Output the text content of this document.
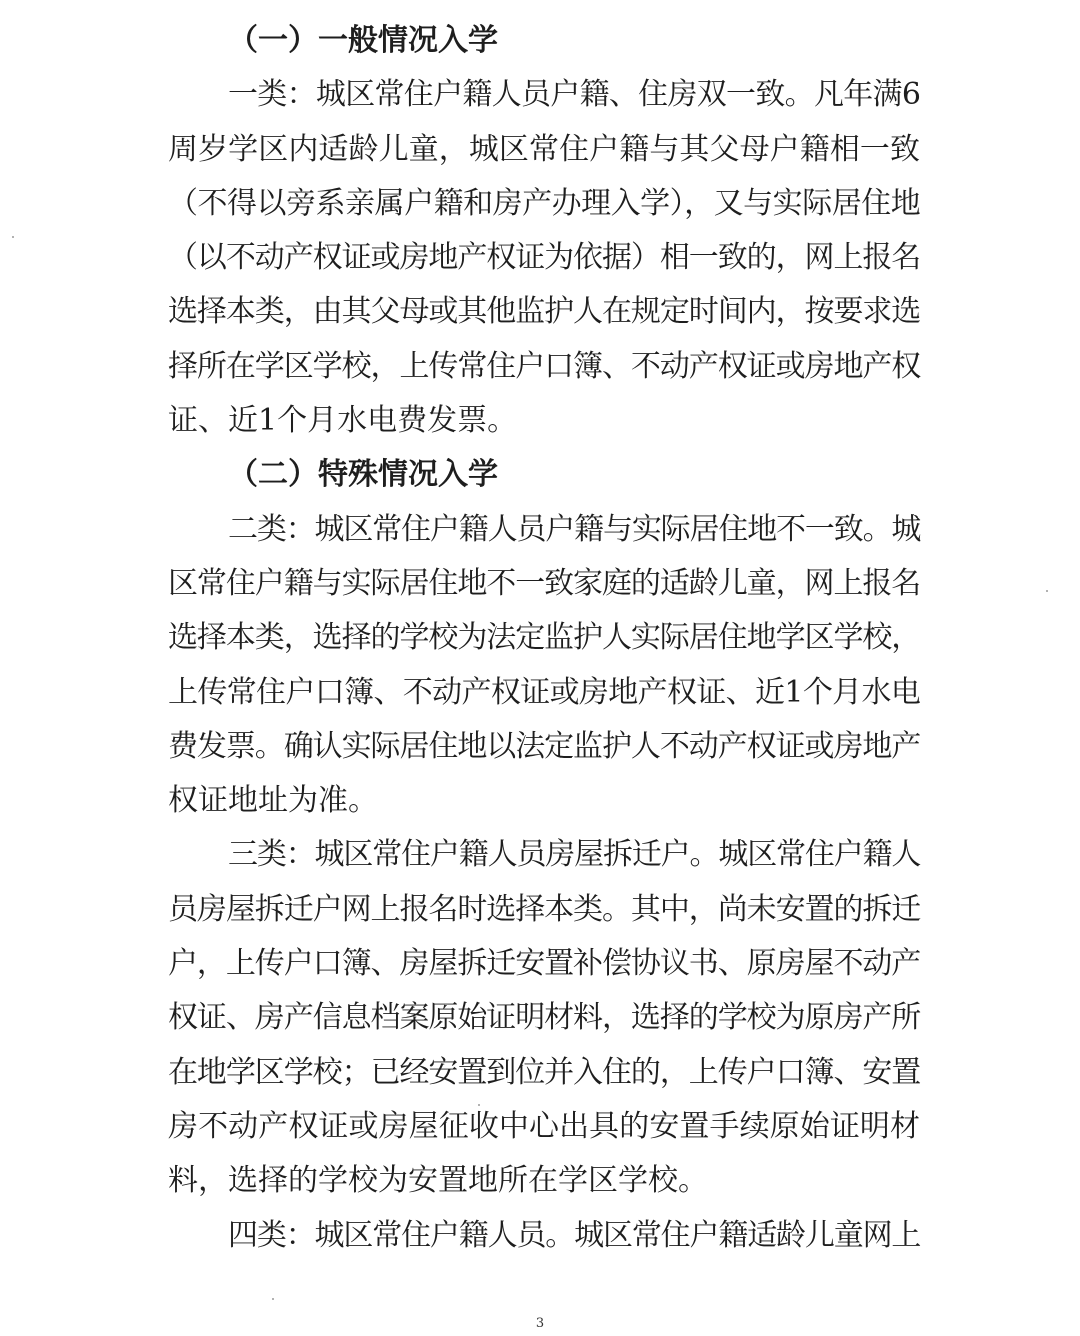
（一）一般情况入学
一类：城区常住户籍人员户籍、住房双一致。凡年满6
周岁学区内适龄儿童，城区常住户籍与其父母户籍相一致
（不得以旁系亲属户籍和房产办理入学），又与实际居住地
（以不动产权证或房地产权证为依据）相一致的，网上报名
选择本类，由其父母或其他监护人在规定时间内，按要求选
择所在学区学校，上传常住户口簿、不动产权证或房地产权
证、近1个月水电费发票。
（二）特殊情况入学
二类：城区常住户籍人员户籍与实际居住地不一致。城
区常住户籍与实际居住地不一致家庭的适龄儿童，网上报名
选择本类，选择的学校为法定监护人实际居住地学区学校，
上传常住户口簿、不动产权证或房地产权证、近1个月水电
费发票。确认实际居住地以法定监护人不动产权证或房地产
权证地址为准。
三类：城区常住户籍人员房屋拆迁户。城区常住户籍人
员房屋拆迁户网上报名时选择本类。其中，尚未安置的拆迁
户，上传户口簿、房屋拆迁安置补偿协议书、原房屋不动产
权证、房产信息档案原始证明材料，选择的学校为原房产所
在地学区学校；已经安置到位并入住的，上传户口簿、安置
房不动产权证或房屋征收中心出具的安置手续原始证明材
料，选择的学校为安置地所在学区学校。
四类：城区常住户籍人员。城区常住户籍适龄儿童网上
3
